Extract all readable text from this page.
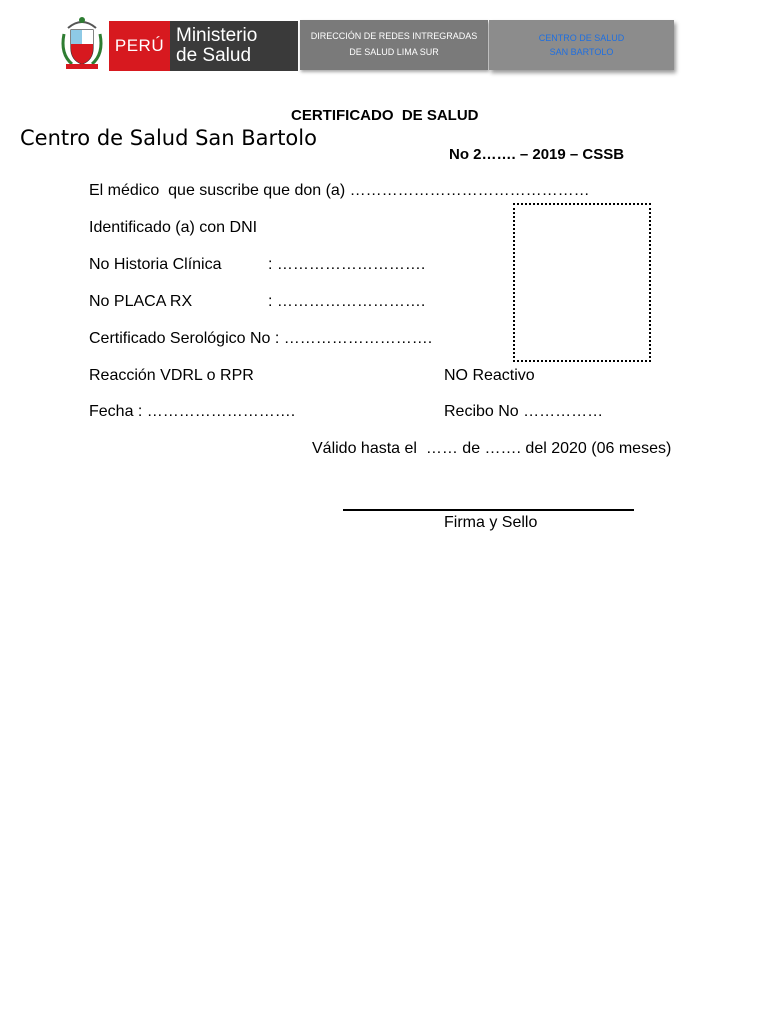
PERÚ Ministerio
de Salud
DIRECCIÓN DE REDES INTREGRADAS
DE SALUD LIMA SUR
CENTRO DE SALUD
SAN BARTOLO
CERTIFICADO  DE SALUD
Centro de Salud San Bartolo
No 2……. – 2019 – CSSB
El médico  que suscribe que don (a) ………………………………………
Identificado (a) con DNI
No Historia Clínica	: ……………………….
No PLACA RX	: ……………………….
Certificado Serológico No : ……………………….
Reacción VDRL o RPR	NO Reactivo
Fecha : ……………………….	Recibo No ……………
Válido hasta el  …… de ……. del 2020 (06 meses)
Firma y Sello
